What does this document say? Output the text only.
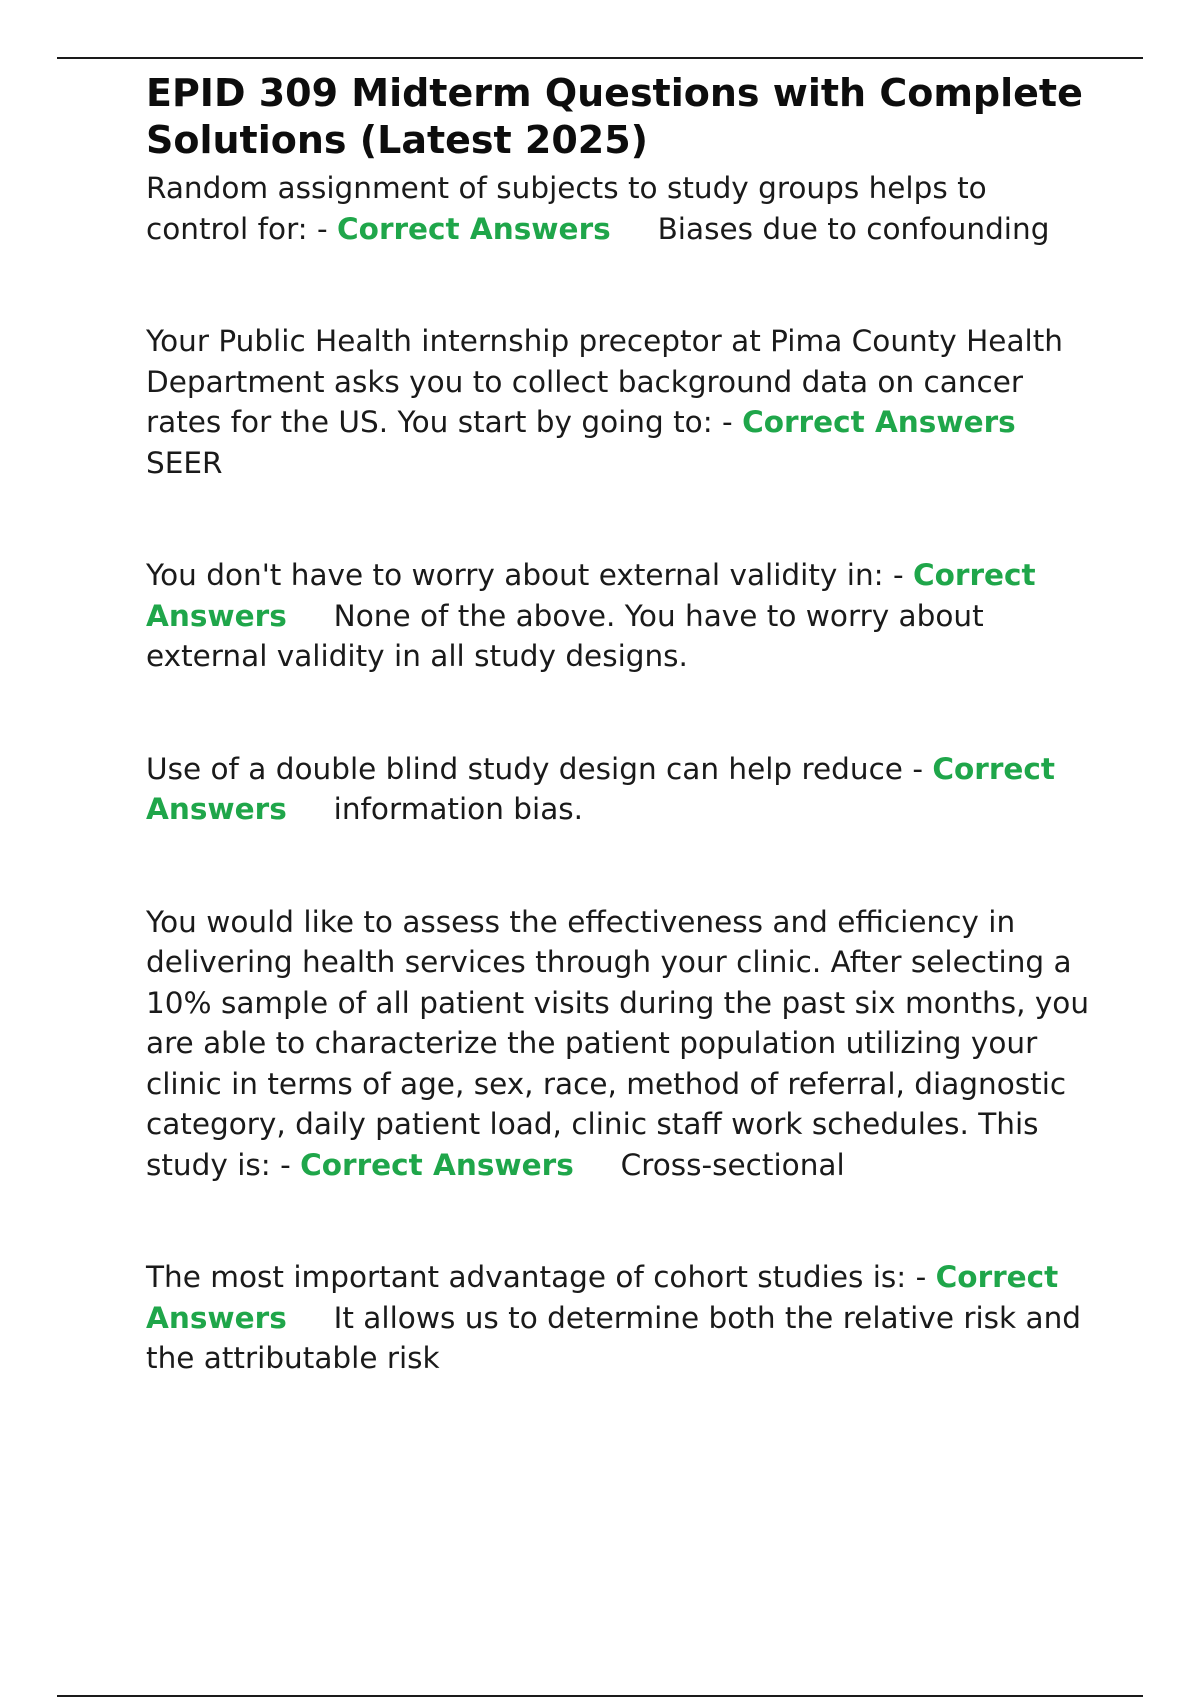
EPID 309 Midterm Questions with Complete Solutions (Latest 2025)

Random assignment of subjects to study groups helps to control for: - Correct Answers Biases due to confounding

Your Public Health internship preceptor at Pima County Health Department asks you to collect background data on cancer rates for the US. You start by going to: - Correct Answers     SEER

You don't have to worry about external validity in: - Correct Answers None of the above. You have to worry about external validity in all study designs.

Use of a double blind study design can help reduce - Correct Answers information bias.

You would like to assess the effectiveness and efficiency in delivering health services through your clinic. After selecting a 10% sample of all patient visits during the past six months, you are able to characterize the patient population utilizing your clinic in terms of age, sex, race, method of referral, diagnostic category, daily patient load, clinic staff work schedules. This study is: - Correct Answers Cross-sectional

The most important advantage of cohort studies is: - Correct Answers It allows us to determine both the relative risk and the attributable risk
